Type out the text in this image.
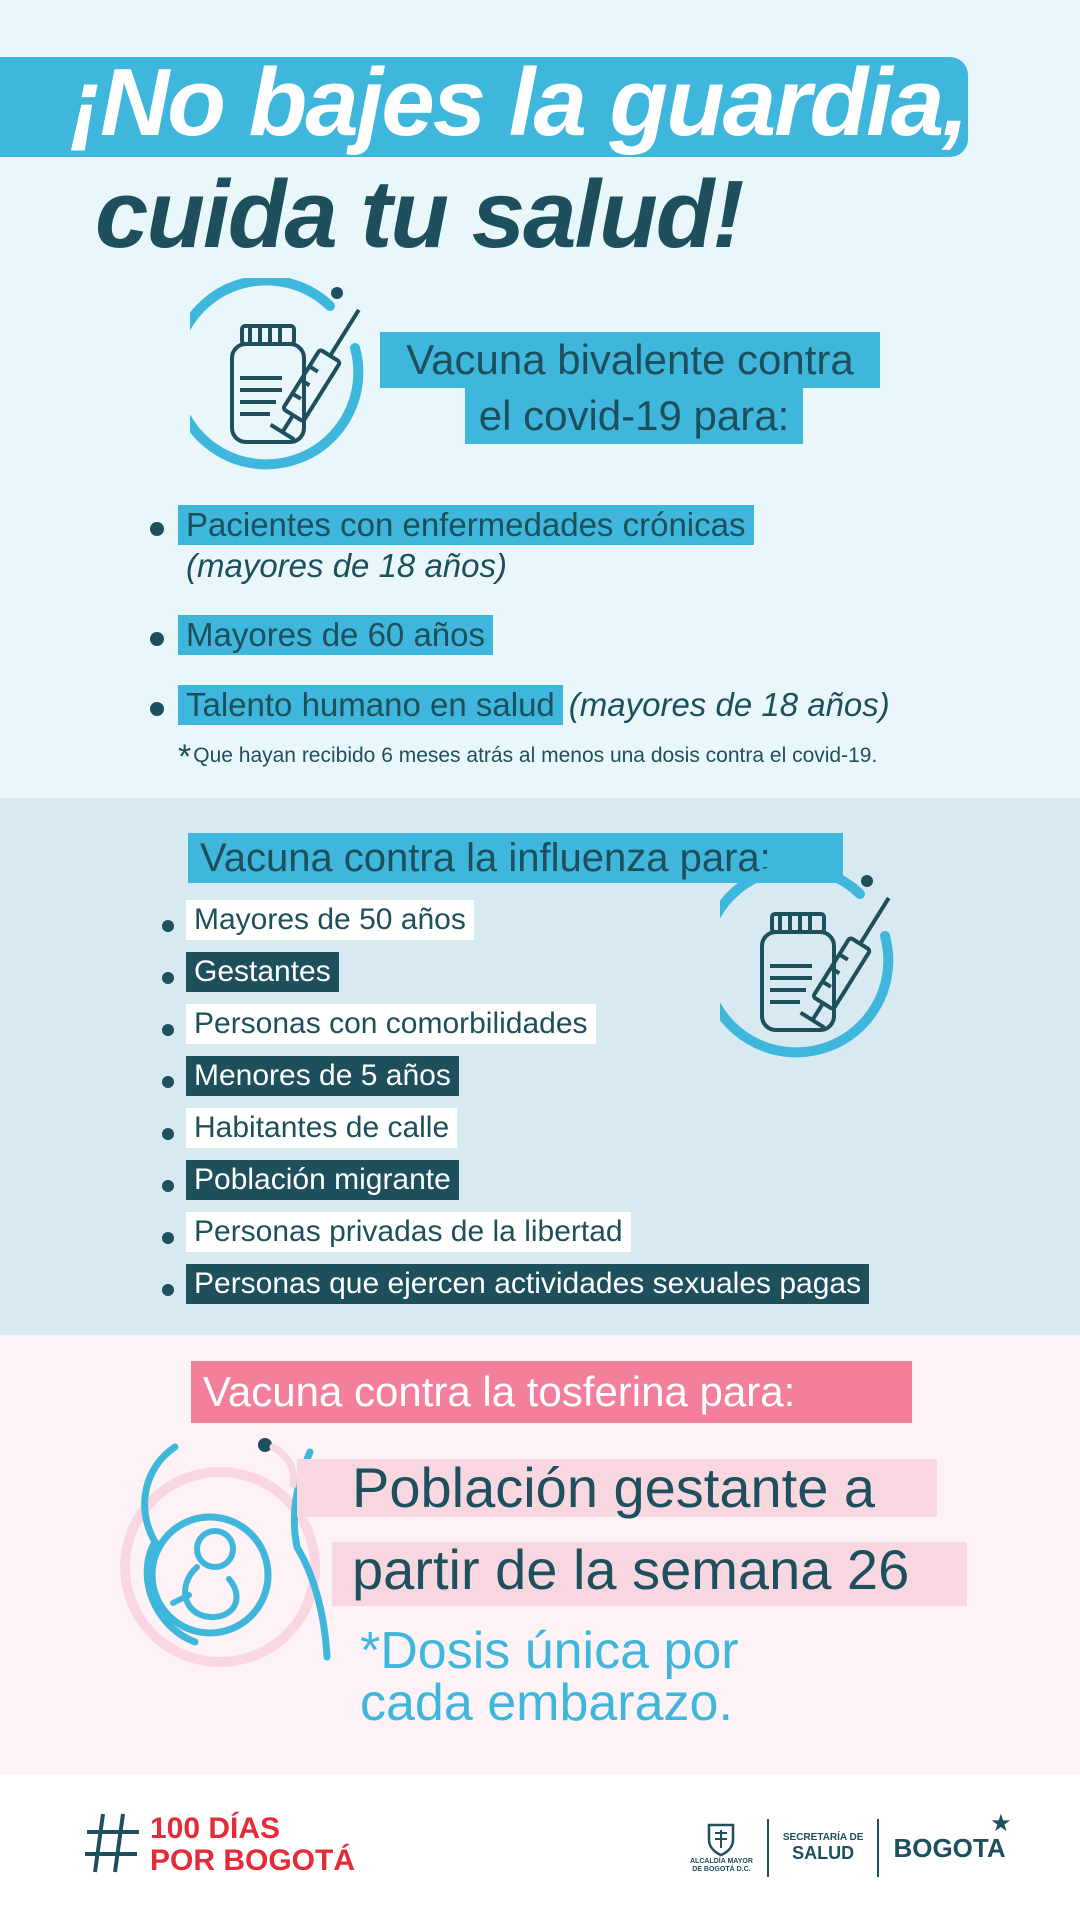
¡No bajes la guardia,
cuida tu salud!
Vacuna bivalente contra
el covid-19 para:
Pacientes con enfermedades crónicas
(mayores de 18 años)
Mayores de 60 años
Talento humano en salud (mayores de 18 años)

*Que hayan recibido 6 meses atrás al menos una dosis contra el covid-19.

Vacuna contra la influenza para:
Mayores de 50 años
Gestantes
Personas con comorbilidades
Menores de 5 años
Habitantes de calle
Población migrante
Personas privadas de la libertad
Personas que ejercen actividades sexuales pagas
Vacuna contra la tosferina para:
Población gestante a
partir de la semana 26
*Dosis única por
cada embarazo.
100 DÍAS
POR BOGOTÁ	ALCALDÍA MAYOR
DE BOGOTÁ D.C.
SECRETARÍA DE
SALUD	BOGOTA
★
